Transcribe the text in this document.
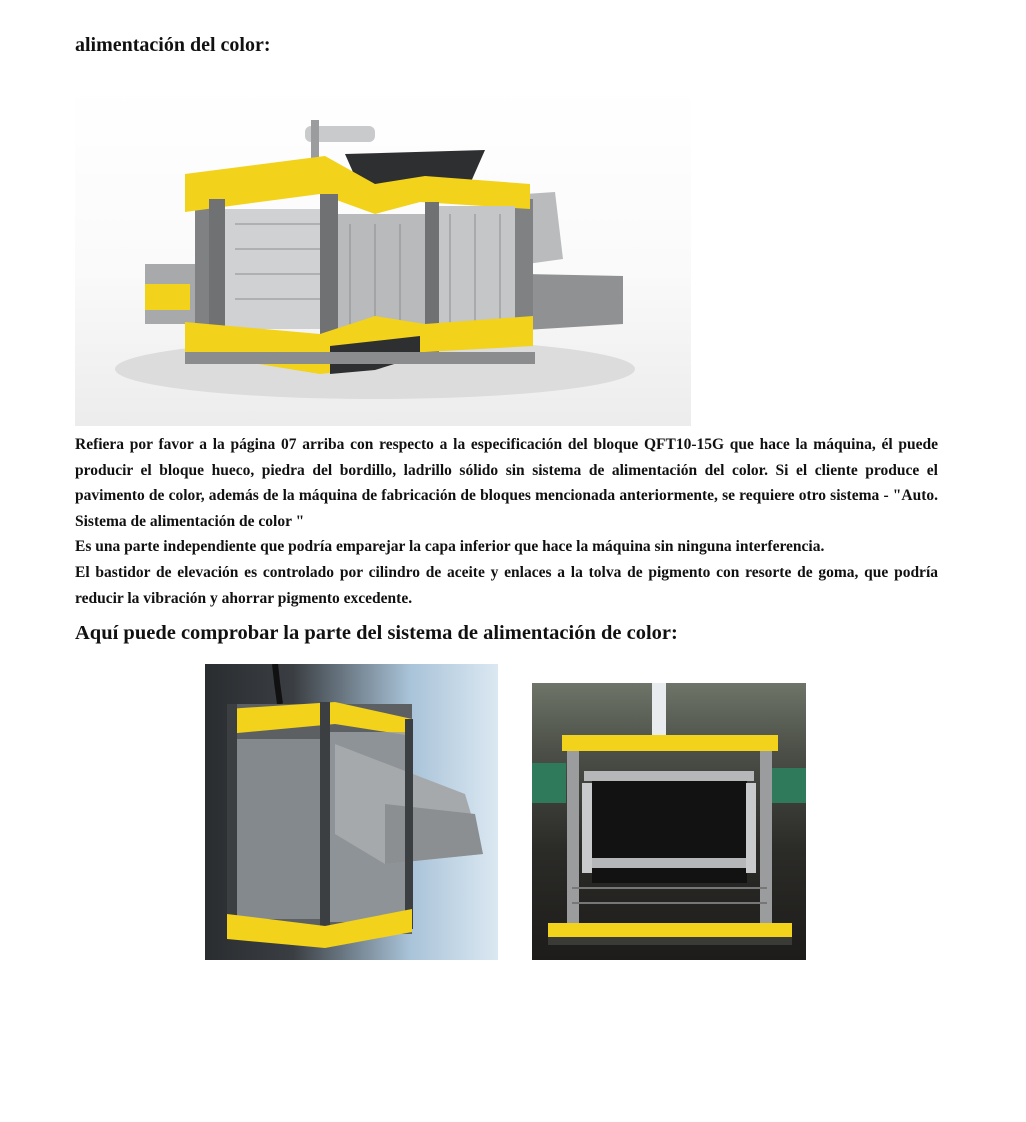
alimentación del color:

Refiera por favor a la página 07 arriba con respecto a la especificación del bloque QFT10-15G que hace la máquina, él puede producir el bloque hueco, piedra del bordillo, ladrillo sólido sin sistema de alimentación del color. Si el cliente produce el pavimento de color, además de la máquina de fabricación de bloques mencionada anteriormente, se requiere otro sistema - "Auto. Sistema de alimentación de color "

Es una parte independiente que podría emparejar la capa inferior que hace la máquina sin ninguna interferencia.

El bastidor de elevación es controlado por cilindro de aceite y enlaces a la tolva de pigmento con resorte de goma, que podría reducir la vibración y ahorrar pigmento excedente.

Aquí puede comprobar la parte del sistema de alimentación de color:
